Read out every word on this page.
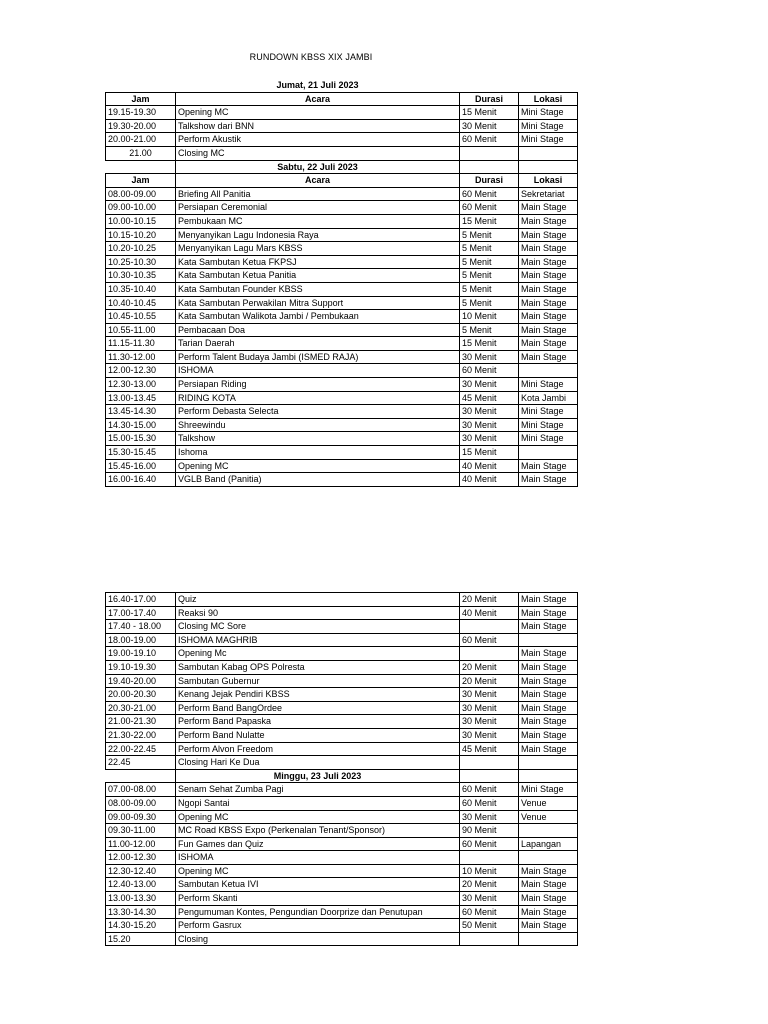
RUNDOWN KBSS XIX JAMBI
	Jumat, 21 Juli 2023		
Jam	Acara	Durasi	Lokasi
19.15-19.30	Opening MC	15 Menit	Mini Stage
19.30-20.00	Talkshow dari BNN	30 Menit	Mini Stage
20.00-21.00	Perform Akustik	60 Menit	Mini Stage
21.00	Closing MC		
	Sabtu, 22 Juli 2023		
Jam	Acara	Durasi	Lokasi
08.00-09.00	Briefing All Panitia	60 Menit	Sekretariat
09.00-10.00	Persiapan Ceremonial	60 Menit	Main Stage
10.00-10.15	Pembukaan MC	15 Menit	Main Stage
10.15-10.20	Menyanyikan Lagu Indonesia Raya	5 Menit	Main Stage
10.20-10.25	Menyanyikan Lagu Mars KBSS	5 Menit	Main Stage
10.25-10.30	Kata Sambutan Ketua FKPSJ	5 Menit	Main Stage
10.30-10.35	Kata Sambutan Ketua Panitia	5 Menit	Main Stage
10.35-10.40	Kata Sambutan Founder KBSS	5 Menit	Main Stage
10.40-10.45	Kata Sambutan Perwakilan Mitra Support	5 Menit	Main Stage
10.45-10.55	Kata Sambutan Walikota Jambi / Pembukaan	10 Menit	Main Stage
10.55-11.00	Pembacaan Doa	5 Menit	Main Stage
11.15-11.30	Tarian Daerah	15 Menit	Main Stage
11.30-12.00	Perform Talent Budaya Jambi (ISMED RAJA)	30 Menit	Main Stage
12.00-12.30	ISHOMA	60 Menit	
12.30-13.00	Persiapan Riding	30 Menit	Mini Stage
13.00-13.45	RIDING KOTA	45 Menit	Kota Jambi
13.45-14.30	Perform Debasta Selecta	30 Menit	Mini Stage
14.30-15.00	Shreewindu	30 Menit	Mini Stage
15.00-15.30	Talkshow	30 Menit	Mini Stage
15.30-15.45	Ishoma	15 Menit	
15.45-16.00	Opening MC	40 Menit	Main Stage
16.00-16.40	VGLB Band (Panitia)	40 Menit	Main Stage
16.40-17.00	Quiz	20 Menit	Main Stage
17.00-17.40	Reaksi 90	40 Menit	Main Stage
17.40 - 18.00	Closing MC Sore		Main Stage
18.00-19.00	ISHOMA MAGHRIB	60 Menit	
19.00-19.10	Opening Mc		Main Stage
19.10-19.30	Sambutan Kabag OPS Polresta	20 Menit	Main Stage
19.40-20.00	Sambutan Gubernur	20 Menit	Main Stage
20.00-20.30	Kenang Jejak Pendiri KBSS	30 Menit	Main Stage
20.30-21.00	Perform Band BangOrdee	30 Menit	Main Stage
21.00-21.30	Perform Band Papaska	30 Menit	Main Stage
21.30-22.00	Perform Band Nulatte	30 Menit	Main Stage
22.00-22.45	Perform Alvon Freedom	45 Menit	Main Stage
22.45	Closing Hari Ke Dua		
	Minggu, 23 Juli 2023		
07.00-08.00	Senam Sehat Zumba Pagi	60 Menit	Mini Stage
08.00-09.00	Ngopi Santai	60 Menit	Venue
09.00-09.30	Opening MC	30 Menit	Venue
09.30-11.00	MC Road KBSS Expo (Perkenalan Tenant/Sponsor)	90 Menit	
11.00-12.00	Fun Games dan Quiz	60 Menit	Lapangan
12.00-12.30	ISHOMA		
12.30-12.40	Opening MC	10 Menit	Main Stage
12.40-13.00	Sambutan Ketua IVI	20 Menit	Main Stage
13.00-13.30	Perform Skanti	30 Menit	Main Stage
13.30-14.30	Pengumuman Kontes, Pengundian Doorprize dan Penutupan	60 Menit	Main Stage
14.30-15.20	Perform Gasrux	50 Menit	Main Stage
15.20	Closing		
